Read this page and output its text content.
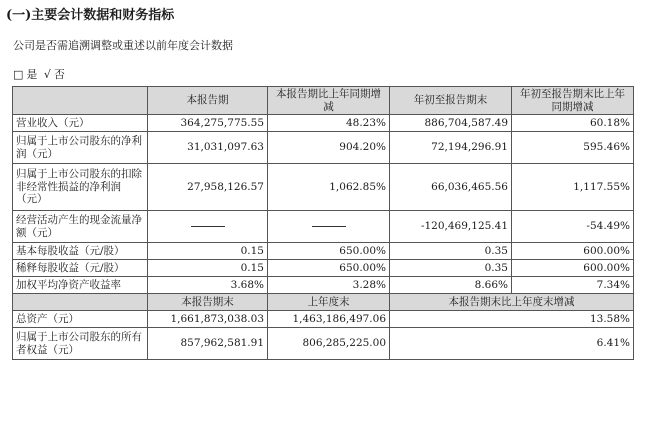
(一)主要会计数据和财务指标
公司是否需追溯调整或重述以前年度会计数据
□ 是 √ 否
	本报告期	本报告期比上年同期增减	年初至报告期末	年初至报告期末比上年同期增减
营业收入（元）	364,275,775.55	48.23%	886,704,587.49	60.18%
归属于上市公司股东的净利润（元）	31,031,097.63	904.20%	72,194,296.91	595.46%
归属于上市公司股东的扣除非经常性损益的净利润（元）	27,958,126.57	1,062.85%	66,036,465.56	1,117.55%
经营活动产生的现金流量净额（元）			-120,469,125.41	-54.49%
基本每股收益（元/股）	0.15	650.00%	0.35	600.00%
稀释每股收益（元/股）	0.15	650.00%	0.35	600.00%
加权平均净资产收益率	3.68%	3.28%	8.66%	7.34%
	本报告期末	上年度末	本报告期末比上年度末增减	
总资产（元）	1,661,873,038.03	1,463,186,497.06	13.58%	
归属于上市公司股东的所有者权益（元）	857,962,581.91	806,285,225.00	6.41%	
